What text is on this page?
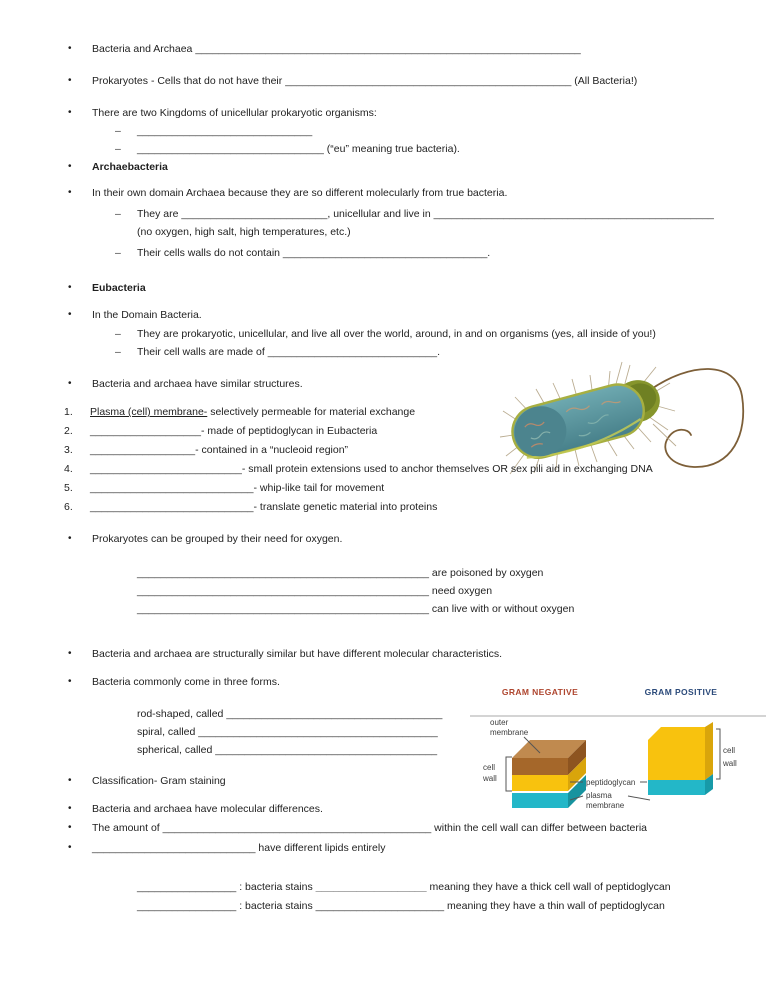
• Bacteria and Archaea __________________________________________________________________
• Prokaryotes - Cells that do not have their _________________________________________________ (All Bacteria!)
• There are two Kingdoms of unicellular prokaryotic organisms:
– ______________________________
– ________________________________ (“eu” meaning true bacteria).
• Archaebacteria
• In their own domain Archaea because they are so different molecularly from true bacteria.
– They are _________________________, unicellular and live in ________________________________________________
(no oxygen, high salt, high temperatures, etc.)
– Their cells walls do not contain ___________________________________.
• Eubacteria
• In the Domain Bacteria.
– They are prokaryotic, unicellular, and live all over the world, around, in and on organisms (yes, all inside of you!)
– Their cell walls are made of _____________________________.
• Bacteria and archaea have similar structures.
1. Plasma (cell) membrane- selectively permeable for material exchange
2. ___________________- made of peptidoglycan in Eubacteria
3. __________________- contained in a “nucleoid region”
4. __________________________- small protein extensions used to anchor themselves OR sex pili aid in exchanging DNA
5. ____________________________- whip-like tail for movement
6. ____________________________- translate genetic material into proteins
• Prokaryotes can be grouped by their need for oxygen.
__________________________________________________ are poisoned by oxygen
__________________________________________________ need oxygen
__________________________________________________ can live with or without oxygen
• Bacteria and archaea are structurally similar but have different molecular characteristics.
• Bacteria commonly come in three forms.
rod-shaped, called _____________________________________
spiral, called _________________________________________
spherical, called ______________________________________
• Classification- Gram staining
• Bacteria and archaea have molecular differences.
• The amount of ______________________________________________ within the cell wall can differ between bacteria
• ____________________________ have different lipids entirely
_________________ : bacteria stains ___________________ meaning they have a thick cell wall of peptidoglycan
_________________ : bacteria stains ______________________ meaning they have a thin wall of peptidoglycan
GRAM NEGATIVE	GRAM POSITIVE
outer
membrane
cell
wall	peptidoglycan
plasma
membrane
cell
wall
